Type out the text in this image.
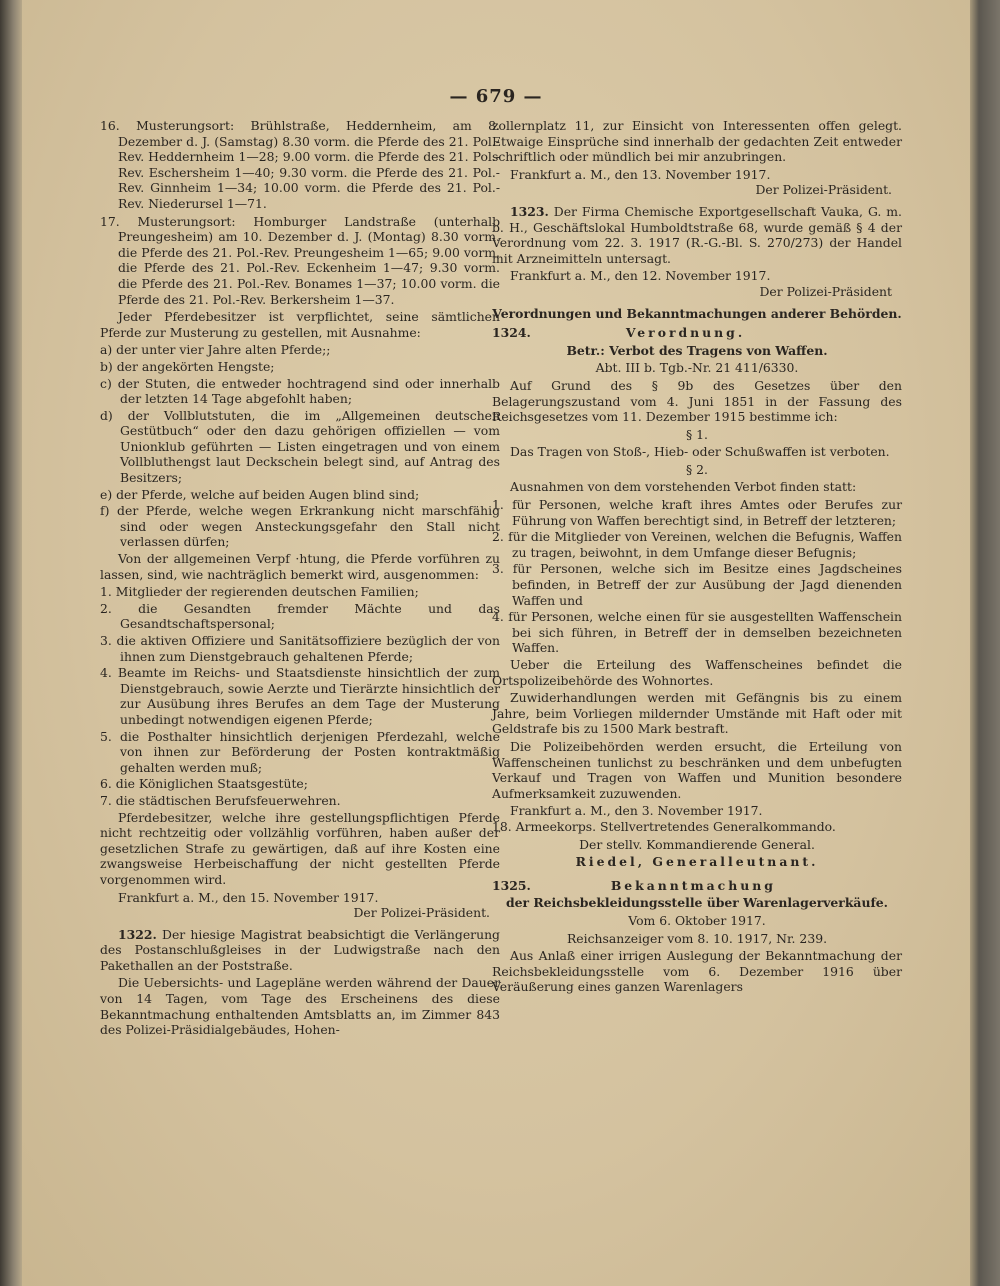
— 679 —

16. Musterungsort: Brühlstraße, Heddernheim, am 8. Dezember d. J. (Samstag) 8.30 vorm. die Pferde des 21. Pol.-Rev. Heddernheim 1—28; 9.00 vorm. die Pferde des 21. Pol.-Rev. Eschersheim 1—40; 9.30 vorm. die Pferde des 21. Pol.-Rev. Ginnheim 1—34; 10.00 vorm. die Pferde des 21. Pol.-Rev. Niederursel 1—71.

17. Musterungsort: Homburger Landstraße (unterhalb Preungesheim) am 10. Dezember d. J. (Montag) 8.30 vorm. die Pferde des 21. Pol.-Rev. Preungesheim 1—65; 9.00 vorm. die Pferde des 21. Pol.-Rev. Eckenheim 1—47; 9.30 vorm. die Pferde des 21. Pol.-Rev. Bonames 1—37; 10.00 vorm. die Pferde des 21. Pol.-Rev. Berkersheim 1—37.

Jeder Pferdebesitzer ist verpflichtet, seine sämtlichen Pferde zur Musterung zu gestellen, mit Ausnahme:

a) der unter vier Jahre alten Pferde;;

b) der angekörten Hengste;

c) der Stuten, die entweder hochtragend sind oder innerhalb der letzten 14 Tage abgefohlt haben;

d) der Vollblutstuten, die im „Allgemeinen deutschen Gestütbuch“ oder den dazu gehörigen offiziellen — vom Unionklub geführten — Listen eingetragen und von einem Vollbluthengst laut Deckschein belegt sind, auf Antrag des Besitzers;

e) der Pferde, welche auf beiden Augen blind sind;

f) der Pferde, welche wegen Erkrankung nicht marschfähig sind oder wegen Ansteckungsgefahr den Stall nicht verlassen dürfen;

Von der allgemeinen Verpf ·htung, die Pferde vorführen zu lassen, sind, wie nachträglich bemerkt wird, ausgenommen:

1. Mitglieder der regierenden deutschen Familien;

2. die Gesandten fremder Mächte und das Gesandtschaftspersonal;

3. die aktiven Offiziere und Sanitätsoffiziere bezüglich der von ihnen zum Dienstgebrauch gehaltenen Pferde;

4. Beamte im Reichs- und Staatsdienste hinsichtlich der zum Dienstgebrauch, sowie Aerzte und Tierärzte hinsichtlich der zur Ausübung ihres Berufes an dem Tage der Musterung unbedingt notwendigen eigenen Pferde;

5. die Posthalter hinsichtlich derjenigen Pferdezahl, welche von ihnen zur Beförderung der Posten kontraktmäßig gehalten werden muß;

6. die Königlichen Staatsgestüte;

7. die städtischen Berufsfeuerwehren.

Pferdebesitzer, welche ihre gestellungspflichtigen Pferde nicht rechtzeitig oder vollzählig vorführen, haben außer der gesetzlichen Strafe zu gewärtigen, daß auf ihre Kosten eine zwangsweise Herbeischaffung der nicht gestellten Pferde vorgenommen wird.

Frankfurt a. M., den 15. November 1917.

Der Polizei-Präsident.

1322. Der hiesige Magistrat beabsichtigt die Verlängerung des Postanschlußgleises in der Ludwigstraße nach den Pakethallen an der Poststraße.

Die Uebersichts- und Lagepläne werden während der Dauer von 14 Tagen, vom Tage des Erscheinens des diese Bekanntmachung enthaltenden Amtsblatts an, im Zimmer 843 des Polizei-Präsidialgebäudes, Hohen-

zollernplatz 11, zur Einsicht von Interessenten offen gelegt. Etwaige Einsprüche sind innerhalb der gedachten Zeit entweder schriftlich oder mündlich bei mir anzubringen.

Frankfurt a. M., den 13. November 1917.

Der Polizei-Präsident.

1323. Der Firma Chemische Exportgesellschaft Vauka, G. m. b. H., Geschäftslokal Humboldtstraße 68, wurde gemäß § 4 der Verordnung vom 22. 3. 1917 (R.-G.-Bl. S. 270/273) der Handel mit Arzneimitteln untersagt.

Frankfurt a. M., den 12. November 1917.

Der Polizei-Präsident

Verordnungen und Bekanntmachungen anderer Behörden.

1324.	Verordnung.

Betr.: Verbot des Tragens von Waffen.

Abt. III b. Tgb.-Nr. 21 411/6330.

Auf Grund des § 9b des Gesetzes über den Belagerungszustand vom 4. Juni 1851 in der Fassung des Reichsgesetzes vom 11. Dezember 1915 bestimme ich:

§ 1.

Das Tragen von Stoß-, Hieb- oder Schußwaffen ist verboten.

§ 2.

Ausnahmen von dem vorstehenden Verbot finden statt:

1. für Personen, welche kraft ihres Amtes oder Berufes zur Führung von Waffen berechtigt sind, in Betreff der letzteren;

2. für die Mitglieder von Vereinen, welchen die Befugnis, Waffen zu tragen, beiwohnt, in dem Umfange dieser Befugnis;

3. für Personen, welche sich im Besitze eines Jagdscheines befinden, in Betreff der zur Ausübung der Jagd dienenden Waffen und

4. für Personen, welche einen für sie ausgestellten Waffenschein bei sich führen, in Betreff der in demselben bezeichneten Waffen.

Ueber die Erteilung des Waffenscheines befindet die Ortspolizeibehörde des Wohnortes.

Zuwiderhandlungen werden mit Gefängnis bis zu einem Jahre, beim Vorliegen mildernder Umstände mit Haft oder mit Geldstrafe bis zu 1500 Mark bestraft.

Die Polizeibehörden werden ersucht, die Erteilung von Waffenscheinen tunlichst zu beschränken und dem unbefugten Verkauf und Tragen von Waffen und Munition besondere Aufmerksamkeit zuzuwenden.

Frankfurt a. M., den 3. November 1917.

18. Armeekorps. Stellvertretendes Generalkommando.

Der stellv. Kommandierende General.

Riedel, Generalleutnant.

1325.	Bekanntmachung

der Reichsbekleidungsstelle über Warenlagerverkäufe.

Vom 6. Oktober 1917.

Reichsanzeiger vom 8. 10. 1917, Nr. 239.

Aus Anlaß einer irrigen Auslegung der Bekanntmachung der Reichsbekleidungsstelle vom 6. Dezember 1916 über Veräußerung eines ganzen Warenlagers
